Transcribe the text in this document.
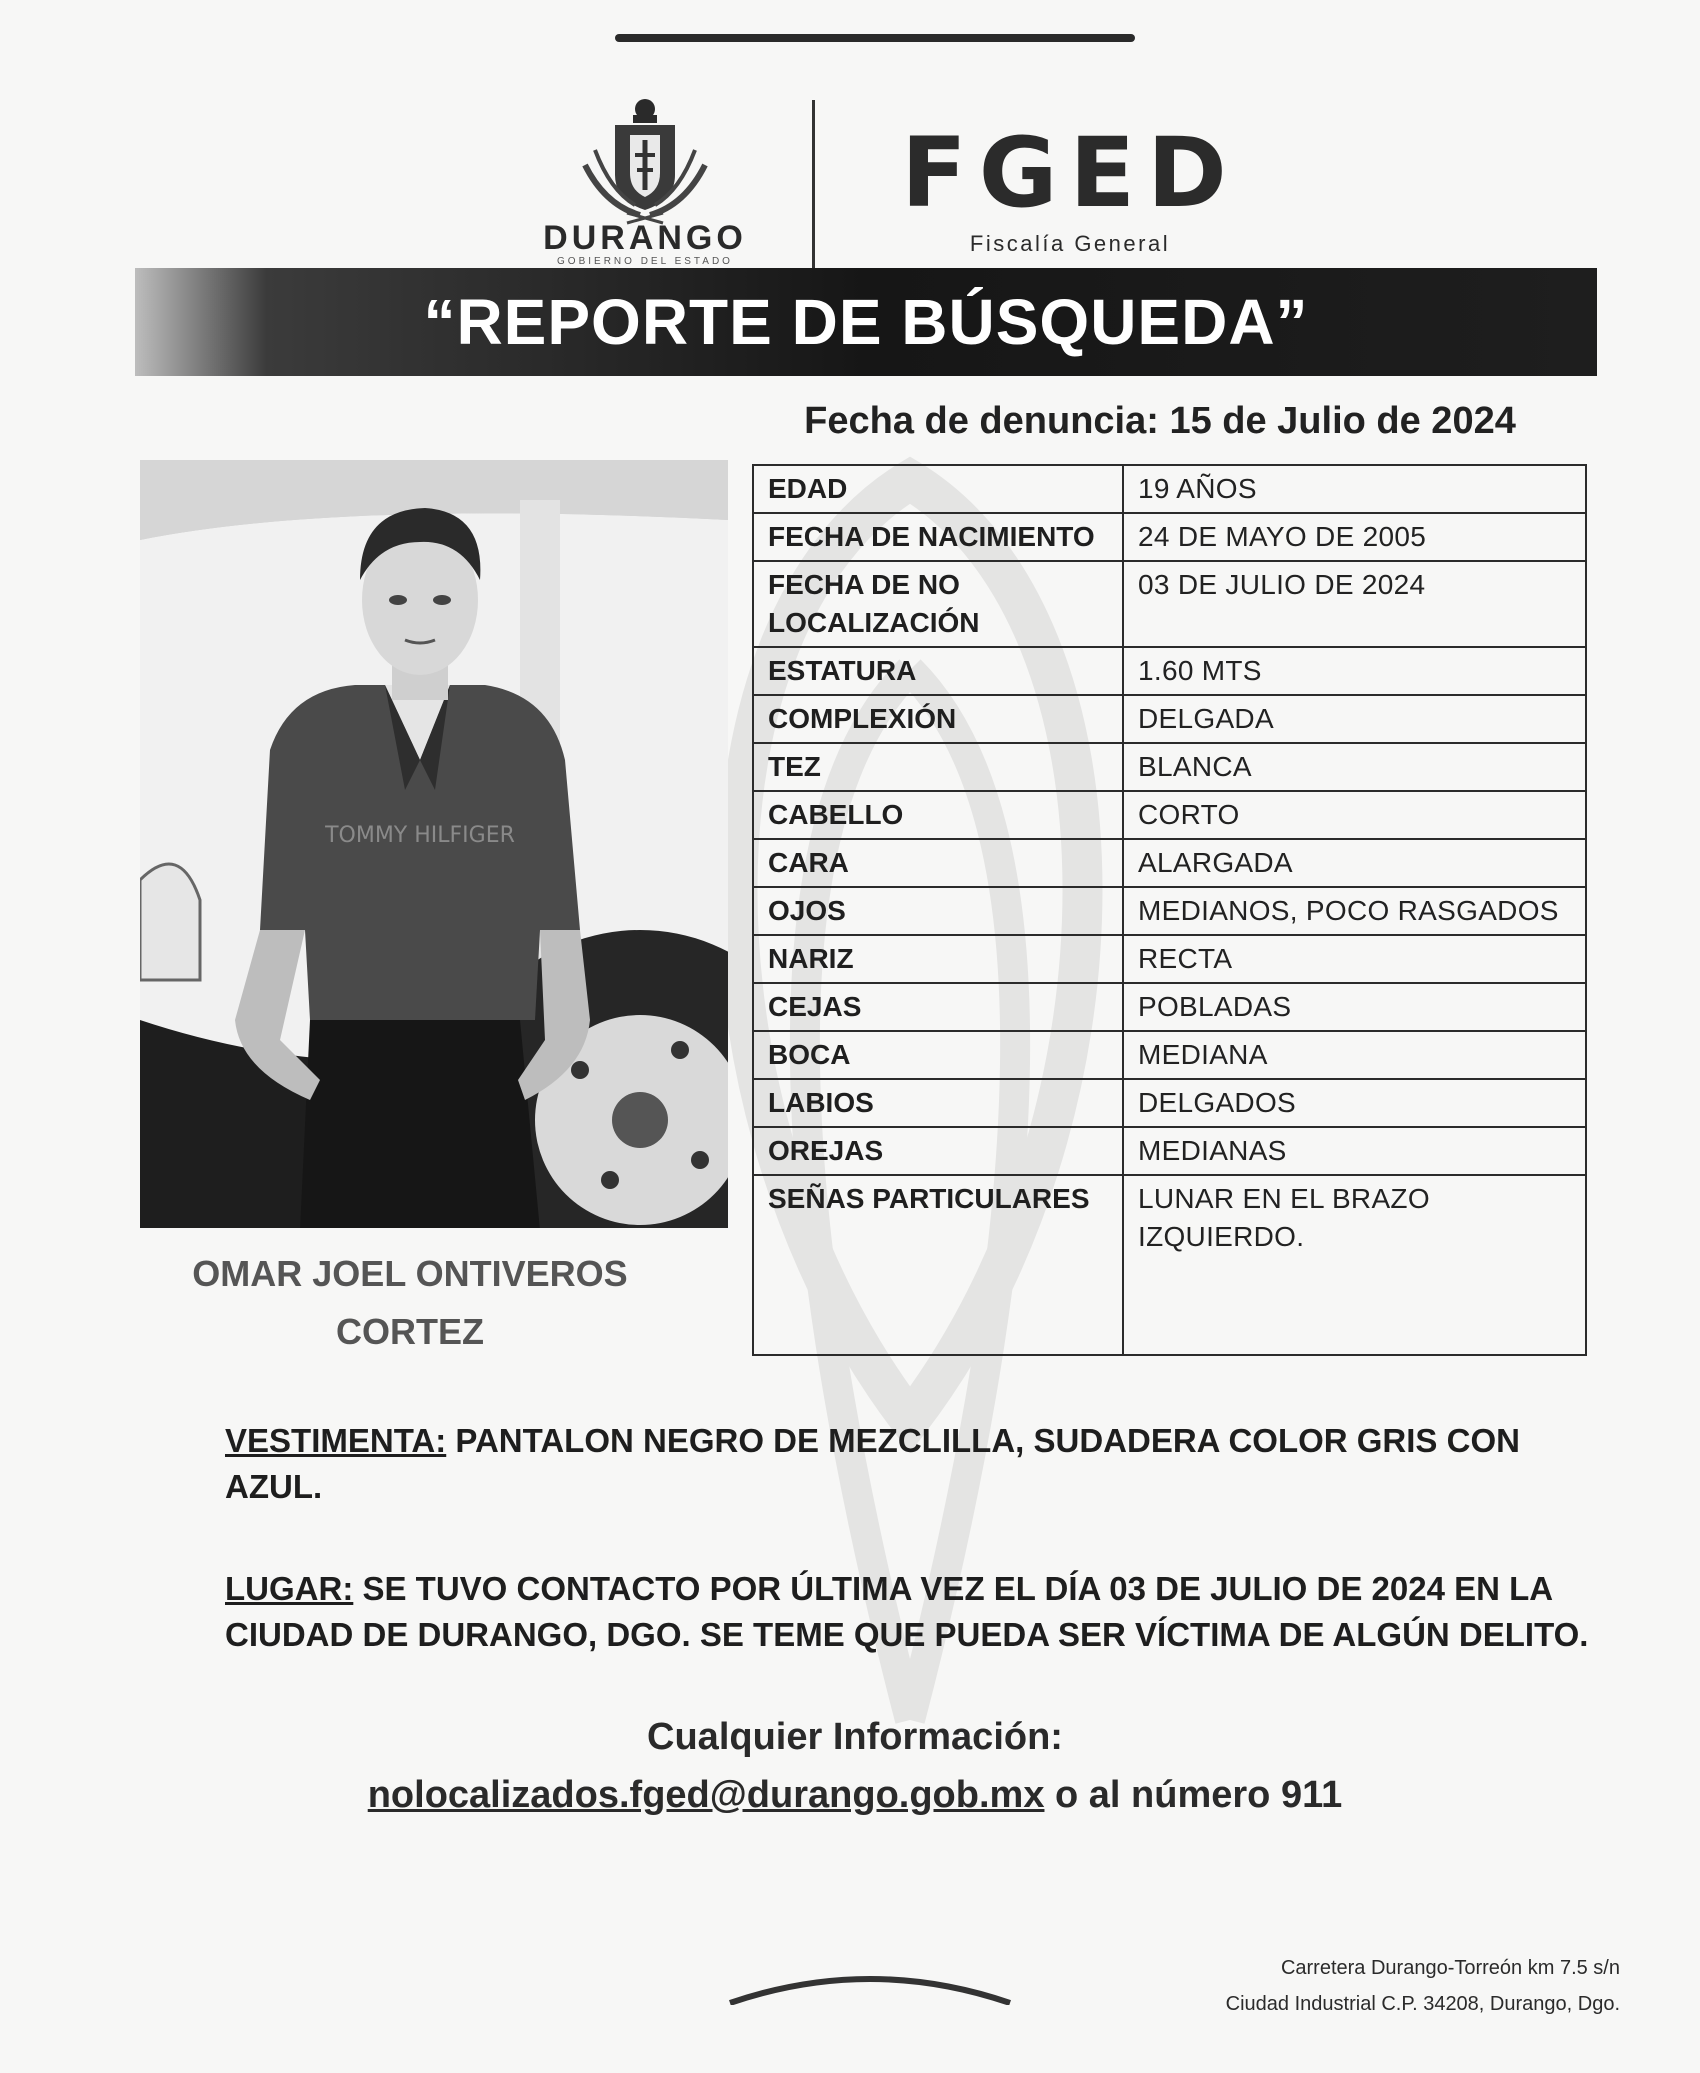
DURANGO
GOBIERNO DEL ESTADO
FGED
Fiscalía General
“REPORTE DE BÚSQUEDA”
Fecha de denuncia: 15 de Julio de 2024
TOMMY HILFIGER
OMAR JOEL ONTIVEROS
CORTEZ
EDAD	19 AÑOS
FECHA DE NACIMIENTO	24 DE MAYO DE 2005
FECHA DE NO LOCALIZACIÓN	03 DE JULIO DE 2024
ESTATURA	1.60 MTS
COMPLEXIÓN	DELGADA
TEZ	BLANCA
CABELLO	CORTO
CARA	ALARGADA
OJOS	MEDIANOS, POCO RASGADOS
NARIZ	RECTA
CEJAS	POBLADAS
BOCA	MEDIANA
LABIOS	DELGADOS
OREJAS	MEDIANAS
SEÑAS PARTICULARES	LUNAR EN EL BRAZO IZQUIERDO.
VESTIMENTA: PANTALON NEGRO DE MEZCLILLA, SUDADERA COLOR GRIS CON AZUL.
LUGAR: SE TUVO CONTACTO POR ÚLTIMA VEZ EL DÍA 03 DE JULIO DE 2024 EN LA CIUDAD DE DURANGO, DGO. SE TEME QUE PUEDA SER VÍCTIMA DE ALGÚN DELITO.
Cualquier Información:
nolocalizados.fged@durango.gob.mx o al número 911
Carretera Durango-Torreón km 7.5 s/n
Ciudad Industrial C.P. 34208, Durango, Dgo.
